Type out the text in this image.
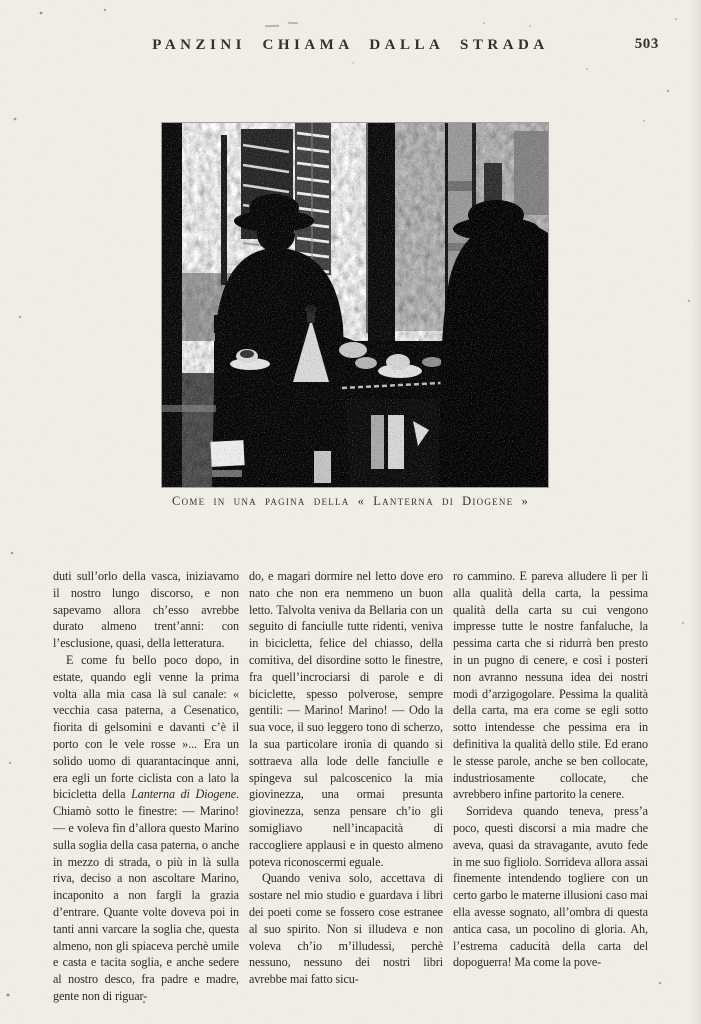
PANZINI CHIAMA DALLA STRADA	503
Come in una pagina della « Lanterna di Diogene »

duti sull’orlo della vasca, iniziavamo il nostro lungo discorso, e non sapevamo allora ch’esso avrebbe durato almeno trent’anni: con l’esclusione, quasi, della letteratura.

E come fu bello poco dopo, in estate, quando egli venne la prima volta alla mia casa là sul canale: « vecchia casa paterna, a Cesenatico, fiorita di gelsomini e davanti c’è il porto con le vele rosse »... Era un solido uomo di quarantacinque anni, era egli un forte ciclista con a lato la bicicletta della Lanterna di Diogene. Chiamò sotto le finestre: — Marino! — e voleva fin d’allora questo Marino sulla soglia della casa paterna, o anche in mezzo di strada, o più in là sulla riva, deciso a non ascoltare Marino, incaponito a non fargli la grazia d’entrare. Quante volte doveva poi in tanti anni varcare la soglia che, questa almeno, non gli spiaceva perchè umile e casta e tacita soglia, e anche sedere al nostro desco, fra padre e madre, gente non di riguar-

do, e magari dormire nel letto dove ero nato che non era nemmeno un buon letto. Talvolta veniva da Bellaria con un seguito di fanciulle tutte ridenti, veniva in bicicletta, felice del chiasso, della comitiva, del disordine sotto le finestre, fra quell’incrociarsi di parole e di biciclette, spesso polverose, sempre gentili: — Marino! Marino! — Odo la sua voce, il suo leggero tono di scherzo, la sua particolare ironia di quando si sottraeva alla lode delle fanciulle e spingeva sul palcoscenico la mia giovinezza, una ormai presunta giovinezza, senza pensare ch’io gli somigliavo nell’incapacità di raccogliere applausi e in questo almeno poteva riconoscermi eguale.

Quando veniva solo, accettava di sostare nel mio studio e guardava i libri dei poeti come se fossero cose estranee al suo spirito. Non si illudeva e non voleva ch’io m’illudessi, perchè nessuno, nessuno dei nostri libri avrebbe mai fatto sicu-

ro cammino. E pareva alludere lì per lì alla qualità della carta, la pessima qualità della carta su cui vengono impresse tutte le nostre fanfaluche, la pessima carta che si ridurrà ben presto in un pugno di cenere, e così i posteri non avranno nessuna idea dei nostri modi d’arzigogolare. Pessima la qualità della carta, ma era come se egli sotto sotto intendesse che pessima era in definitiva la qualità dello stile. Ed erano le stesse parole, anche se ben collocate, industriosamente collocate, che avrebbero infine partorito la cenere.

Sorrideva quando teneva, press’a poco, questi discorsi a mia madre che aveva, quasi da stravagante, avuto fede in me suo figliolo. Sorrideva allora assai finemente intendendo togliere con un certo garbo le materne illusioni caso mai ella avesse sognato, all’ombra di questa antica casa, un pocolino di gloria. Ah, l’estrema caducità della carta del dopoguerra! Ma come la pove-
